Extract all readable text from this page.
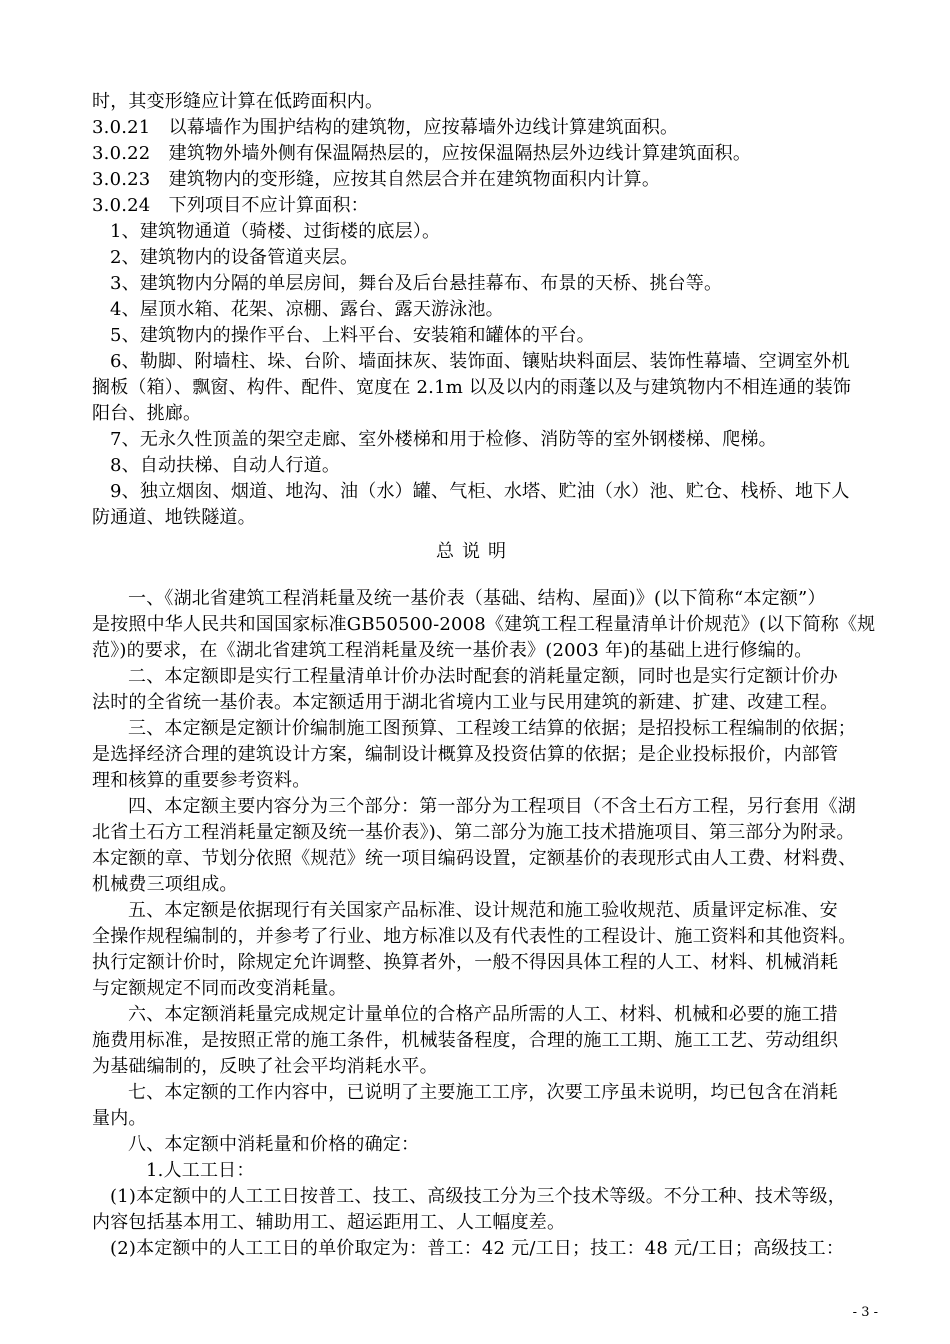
时，其变形缝应计算在低跨面积内。
3.0.21　以幕墙作为围护结构的建筑物，应按幕墙外边线计算建筑面积。
3.0.22　建筑物外墙外侧有保温隔热层的，应按保温隔热层外边线计算建筑面积。
3.0.23　建筑物内的变形缝，应按其自然层合并在建筑物面积内计算。
3.0.24　下列项目不应计算面积：
1、建筑物通道（骑楼、过街楼的底层）。
2、建筑物内的设备管道夹层。
3、建筑物内分隔的单层房间，舞台及后台悬挂幕布、布景的天桥、挑台等。
4、屋顶水箱、花架、凉棚、露台、露天游泳池。
5、建筑物内的操作平台、上料平台、安装箱和罐体的平台。
6、勒脚、附墙柱、垛、台阶、墙面抹灰、装饰面、镶贴块料面层、装饰性幕墙、空调室外机
搁板（箱）、飘窗、构件、配件、宽度在 2.1m 以及以内的雨蓬以及与建筑物内不相连通的装饰
阳台、挑廊。
7、无永久性顶盖的架空走廊、室外楼梯和用于检修、消防等的室外钢楼梯、爬梯。
8、自动扶梯、自动人行道。
9、独立烟囱、烟道、地沟、油（水）罐、气柜、水塔、贮油（水）池、贮仓、栈桥、地下人
防通道、地铁隧道。
总说明
一、《湖北省建筑工程消耗量及统一基价表（基础、结构、屋面)》(以下简称“本定额”）
是按照中华人民共和国国家标准GB50500-2008《建筑工程工程量清单计价规范》(以下简称《规
范》)的要求，在《湖北省建筑工程消耗量及统一基价表》(2003 年)的基础上进行修编的。
二、本定额即是实行工程量清单计价办法时配套的消耗量定额，同时也是实行定额计价办
法时的全省统一基价表。本定额适用于湖北省境内工业与民用建筑的新建、扩建、改建工程。
三、本定额是定额计价编制施工图预算、工程竣工结算的依据；是招投标工程编制的依据；
是选择经济合理的建筑设计方案，编制设计概算及投资估算的依据；是企业投标报价，内部管
理和核算的重要参考资料。
四、本定额主要内容分为三个部分：第一部分为工程项目（不含土石方工程，另行套用《湖
北省土石方工程消耗量定额及统一基价表》)、第二部分为施工技术措施项目、第三部分为附录。
本定额的章、节划分依照《规范》统一项目编码设置，定额基价的表现形式由人工费、材料费、
机械费三项组成。
五、本定额是依据现行有关国家产品标准、设计规范和施工验收规范、质量评定标准、安
全操作规程编制的，并参考了行业、地方标准以及有代表性的工程设计、施工资料和其他资料。
执行定额计价时，除规定允许调整、换算者外，一般不得因具体工程的人工、材料、机械消耗
与定额规定不同而改变消耗量。
六、本定额消耗量完成规定计量单位的合格产品所需的人工、材料、机械和必要的施工措
施费用标准，是按照正常的施工条件，机械装备程度，合理的施工工期、施工工艺、劳动组织
为基础编制的，反映了社会平均消耗水平。
七、本定额的工作内容中，已说明了主要施工工序，次要工序虽未说明，均已包含在消耗
量内。
八、本定额中消耗量和价格的确定：
1.人工工日：
(1)本定额中的人工工日按普工、技工、高级技工分为三个技术等级。不分工种、技术等级，
内容包括基本用工、辅助用工、超运距用工、人工幅度差。
(2)本定额中的人工工日的单价取定为：普工：42 元/工日；技工：48 元/工日；高级技工：
- 3 -
